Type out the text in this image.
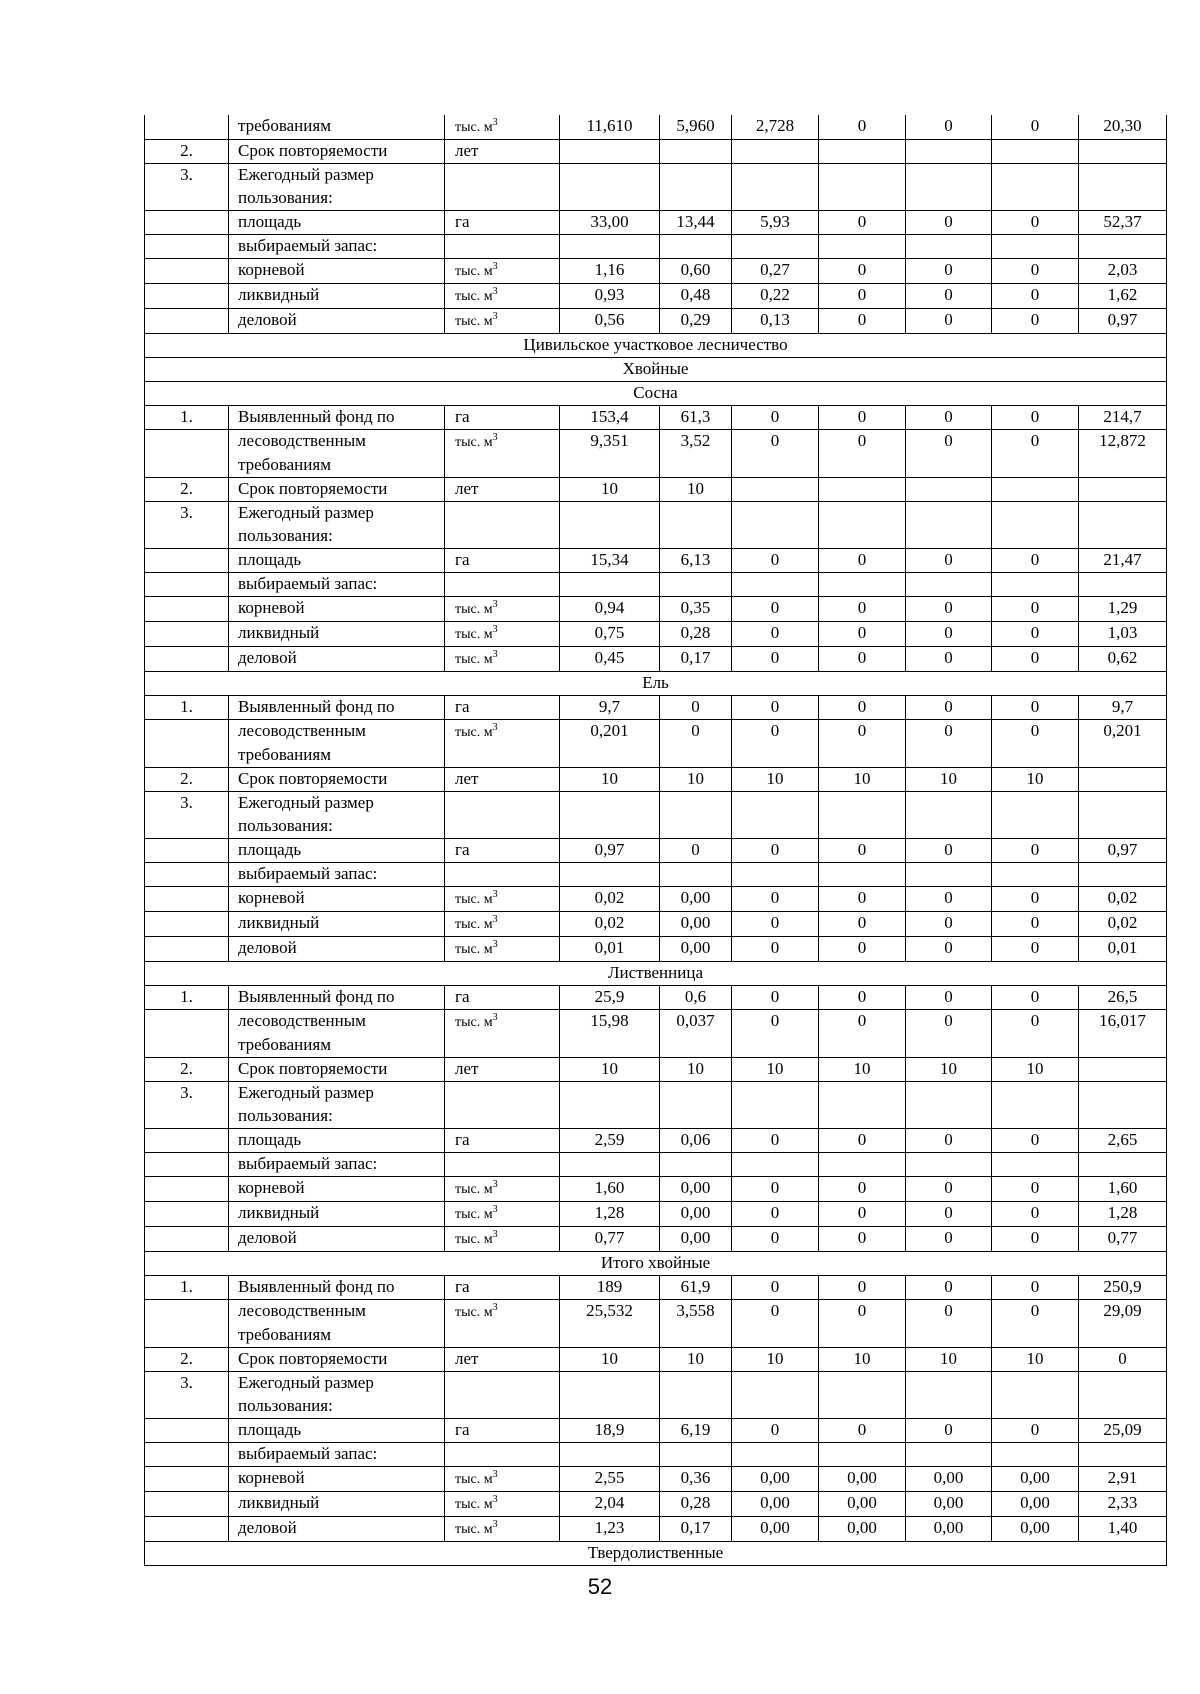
	требованиям	тыс. $м^3$	11,610	5,960	2,728	0	0	0	20,30
2.	Срок повторяемости	лет							
3.	Ежегодный размер								
	пользования:								
	площадь	га	33,00	13,44	5,93	0	0	0	52,37
	выбираемый запас:								
	корневой	тыс. $м^3$	1,16	0,60	0,27	0	0	0	2,03
	ликвидный	тыс. $м^3$	0,93	0,48	0,22	0	0	0	1,62
	деловой	тыс. $м^3$	0,56	0,29	0,13	0	0	0	0,97
Цивильское участковое лесничество									
Хвойные									
Сосна									
1.	Выявленный фонд по	га	153,4	61,3	0	0	0	0	214,7
	лесоводственным	тыс. $м^3$	9,351	3,52	0	0	0	0	12,872
	требованиям								
2.	Срок повторяемости	лет	10	10					
3.	Ежегодный размер								
	пользования:								
	площадь	га	15,34	6,13	0	0	0	0	21,47
	выбираемый запас:								
	корневой	тыс. $м^3$	0,94	0,35	0	0	0	0	1,29
	ликвидный	тыс. $м^3$	0,75	0,28	0	0	0	0	1,03
	деловой	тыс. $м^3$	0,45	0,17	0	0	0	0	0,62
Ель									
1.	Выявленный фонд по	га	9,7	0	0	0	0	0	9,7
	лесоводственным	тыс. $м^3$	0,201	0	0	0	0	0	0,201
	требованиям								
2.	Срок повторяемости	лет	10	10	10	10	10	10	
3.	Ежегодный размер								
	пользования:								
	площадь	га	0,97	0	0	0	0	0	0,97
	выбираемый запас:								
	корневой	тыс. $м^3$	0,02	0,00	0	0	0	0	0,02
	ликвидный	тыс. $м^3$	0,02	0,00	0	0	0	0	0,02
	деловой	тыс. $м^3$	0,01	0,00	0	0	0	0	0,01
Лиственница									
1.	Выявленный фонд по	га	25,9	0,6	0	0	0	0	26,5
	лесоводственным	тыс. $м^3$	15,98	0,037	0	0	0	0	16,017
	требованиям								
2.	Срок повторяемости	лет	10	10	10	10	10	10	
3.	Ежегодный размер								
	пользования:								
	площадь	га	2,59	0,06	0	0	0	0	2,65
	выбираемый запас:								
	корневой	тыс. $м^3$	1,60	0,00	0	0	0	0	1,60
	ликвидный	тыс. $м^3$	1,28	0,00	0	0	0	0	1,28
	деловой	тыс. $м^3$	0,77	0,00	0	0	0	0	0,77
Итого хвойные									
1.	Выявленный фонд по	га	189	61,9	0	0	0	0	250,9
	лесоводственным	тыс. $м^3$	25,532	3,558	0	0	0	0	29,09
	требованиям								
2.	Срок повторяемости	лет	10	10	10	10	10	10	0
3.	Ежегодный размер								
	пользования:								
	площадь	га	18,9	6,19	0	0	0	0	25,09
	выбираемый запас:								
	корневой	тыс. $м^3$	2,55	0,36	0,00	0,00	0,00	0,00	2,91
	ликвидный	тыс. $м^3$	2,04	0,28	0,00	0,00	0,00	0,00	2,33
	деловой	тыс. $м^3$	1,23	0,17	0,00	0,00	0,00	0,00	1,40
Твердолиственные									
52
